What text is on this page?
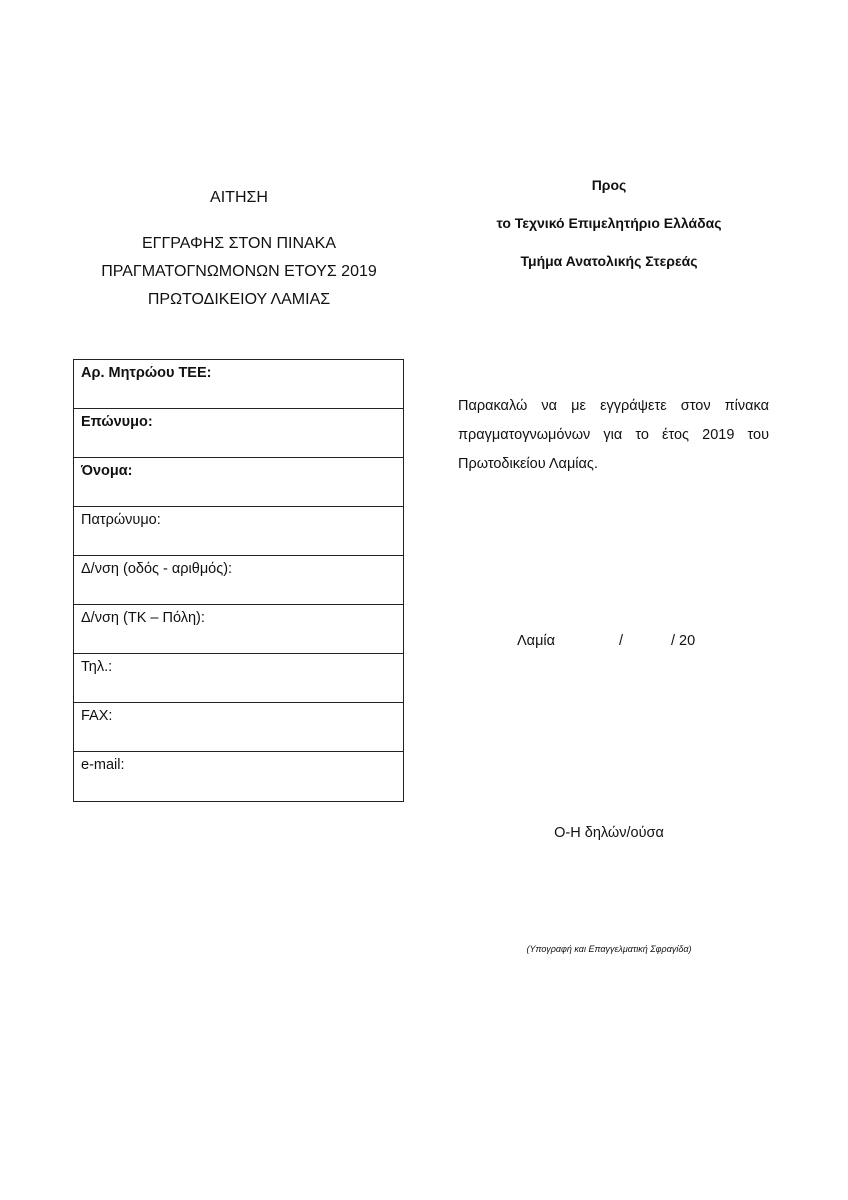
ΑΙΤΗΣΗ
ΕΓΓΡΑΦΗΣ ΣΤΟΝ ΠΙΝΑΚΑ
ΠΡΑΓΜΑΤΟΓΝΩΜΟΝΩΝ ΕΤΟΥΣ 2019
ΠΡΩΤΟΔΙΚΕΙΟΥ ΛΑΜΙΑΣ
Προς
το Τεχνικό Επιμελητήριο Ελλάδας
Τμήμα Ανατολικής Στερεάς
Αρ. Μητρώου ΤΕΕ:
Επώνυμο:
Όνομα:
Πατρώνυμο:
Δ/νση (οδός - αριθμός):
Δ/νση (ΤΚ – Πόλη):
Τηλ.:
FAX:
e-mail:
Παρακαλώ να με εγγράψετε στον πίνακα πραγματογνωμόνων για το έτος 2019 του Πρωτοδικείου Λαμίας.
Λαμία	/	/ 20
Ο-Η δηλών/ούσα
(Υπογραφή και Επαγγελματική Σφραγίδα)
